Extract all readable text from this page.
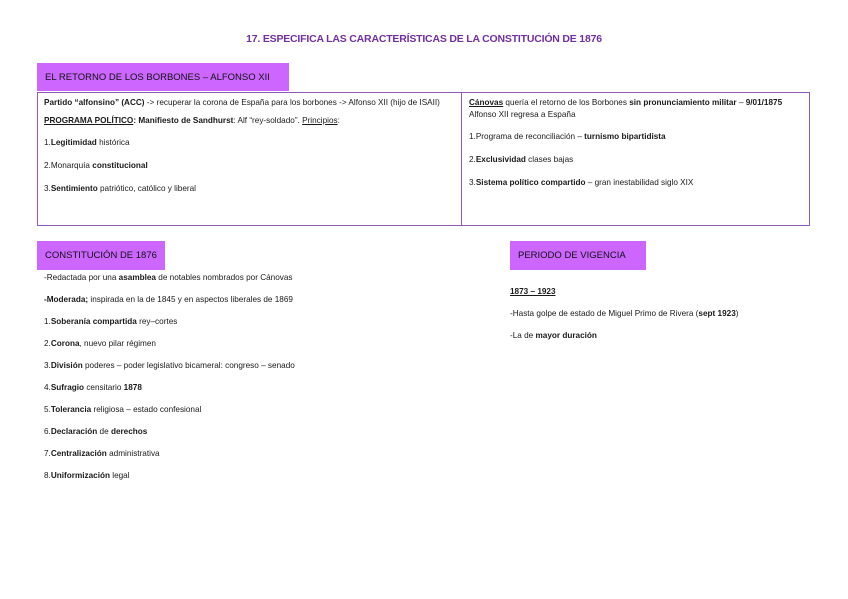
17. ESPECIFICA LAS CARACTERÍSTICAS DE LA CONSTITUCIÓN DE 1876
EL RETORNO DE LOS BORBONES – ALFONSO XII

Partido “alfonsino” (ACC) -> recuperar la corona de España para los borbones -> Alfonso XII (hijo de ISAII)

PROGRAMA POLÍTICO: Manifiesto de Sandhurst: Alf “rey-soldado”. Principios:

1.Legitimidad histórica

2.Monarquía constitucional

3.Sentimiento patriótico, católico y liberal

Cánovas quería el retorno de los Borbones sin pronunciamiento militar – 9/01/1875 Alfonso XII regresa a España

1.Programa de reconciliación – turnismo bipartidista

2.Exclusividad clases bajas

3.Sistema político compartido – gran inestabilidad siglo XIX

CONSTITUCIÓN DE 1876

-Redactada por una asamblea de notables nombrados por Cánovas

-Moderada; inspirada en la de 1845 y en aspectos liberales de 1869

1.Soberanía compartida rey–cortes

2.Corona, nuevo pilar régimen

3.División poderes – poder legislativo bicameral: congreso – senado

4.Sufragio censitario 1878

5.Tolerancia religiosa – estado confesional

6.Declaración de derechos

7.Centralización administrativa

8.Uniformización legal

PERIODO DE VIGENCIA

1873 – 1923

-Hasta golpe de estado de Miguel Primo de Rivera (sept 1923)

-La de mayor duración
